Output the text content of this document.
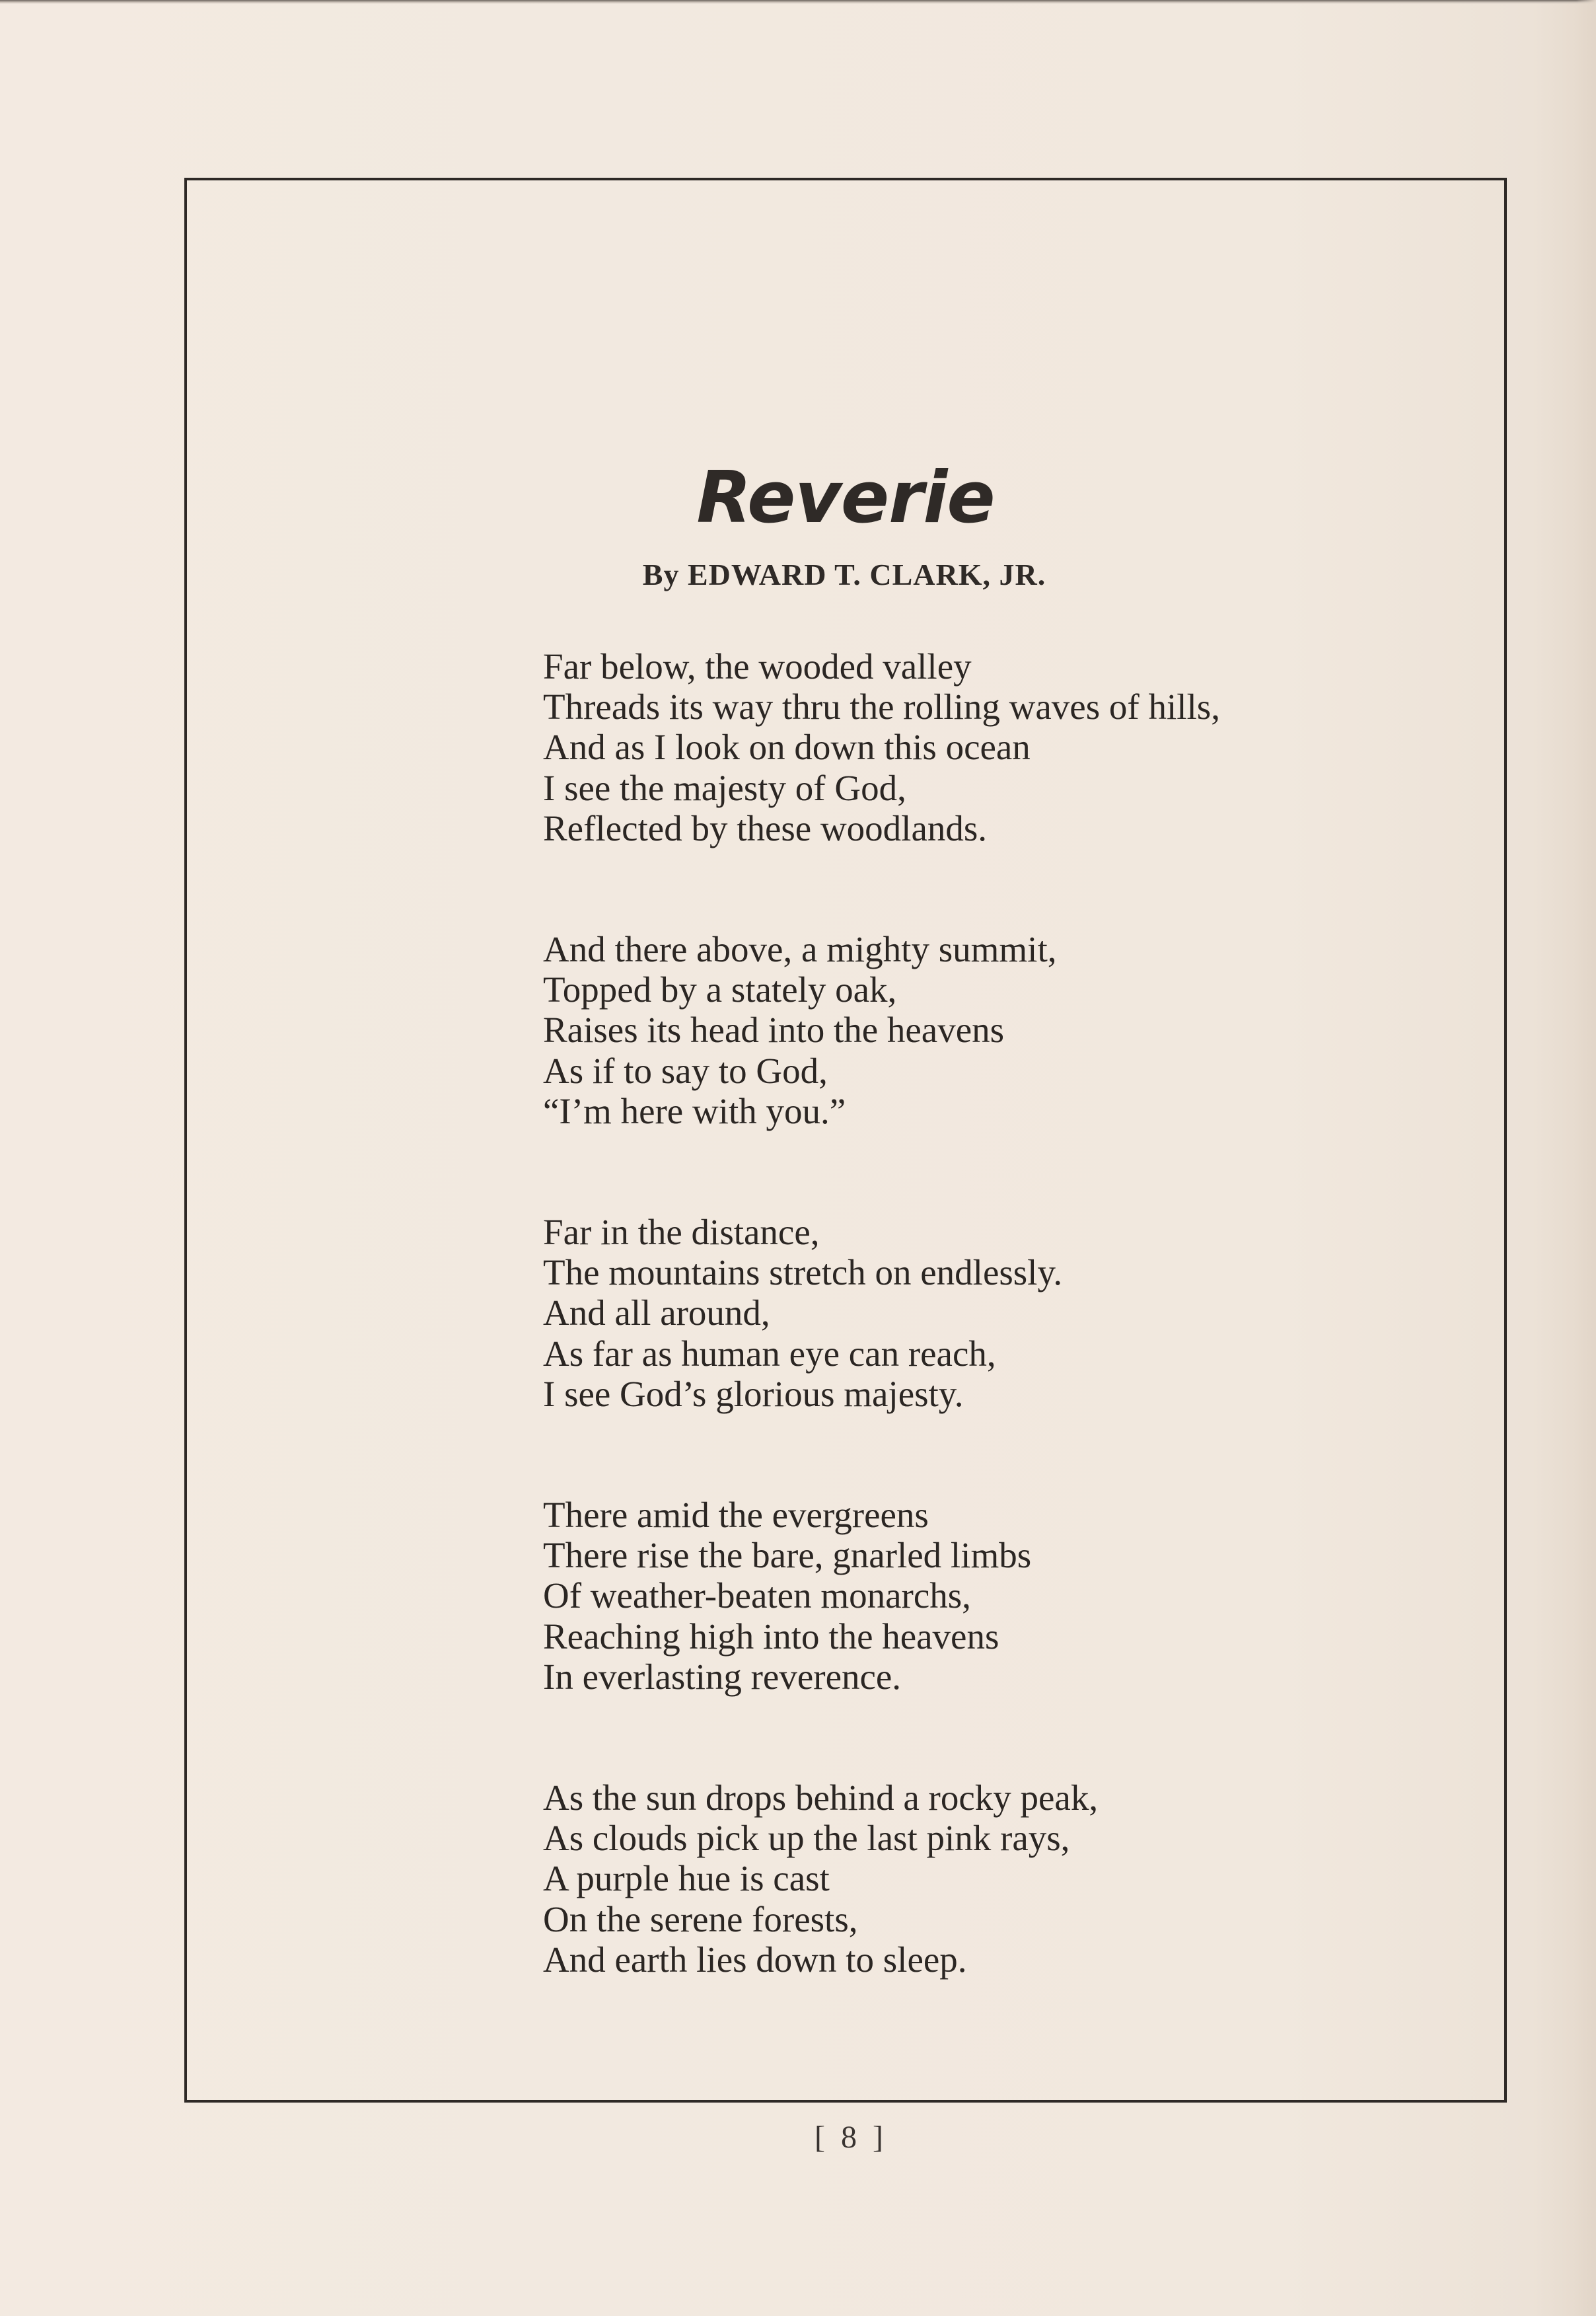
Reverie
By EDWARD T. CLARK, JR.
Far below, the wooded valley
Threads its way thru the rolling waves of hills,
And as I look on down this ocean
I see the majesty of God,
Reflected by these woodlands.
And there above, a mighty summit,
Topped by a stately oak,
Raises its head into the heavens
As if to say to God,
“I’m here with you.”
Far in the distance,
The mountains stretch on endlessly.
And all around,
As far as human eye can reach,
I see God’s glorious majesty.
There amid the evergreens
There rise the bare, gnarled limbs
Of weather-beaten monarchs,
Reaching high into the heavens
In everlasting reverence.
As the sun drops behind a rocky peak,
As clouds pick up the last pink rays,
A purple hue is cast
On the serene forests,
And earth lies down to sleep.
[ 8 ]
